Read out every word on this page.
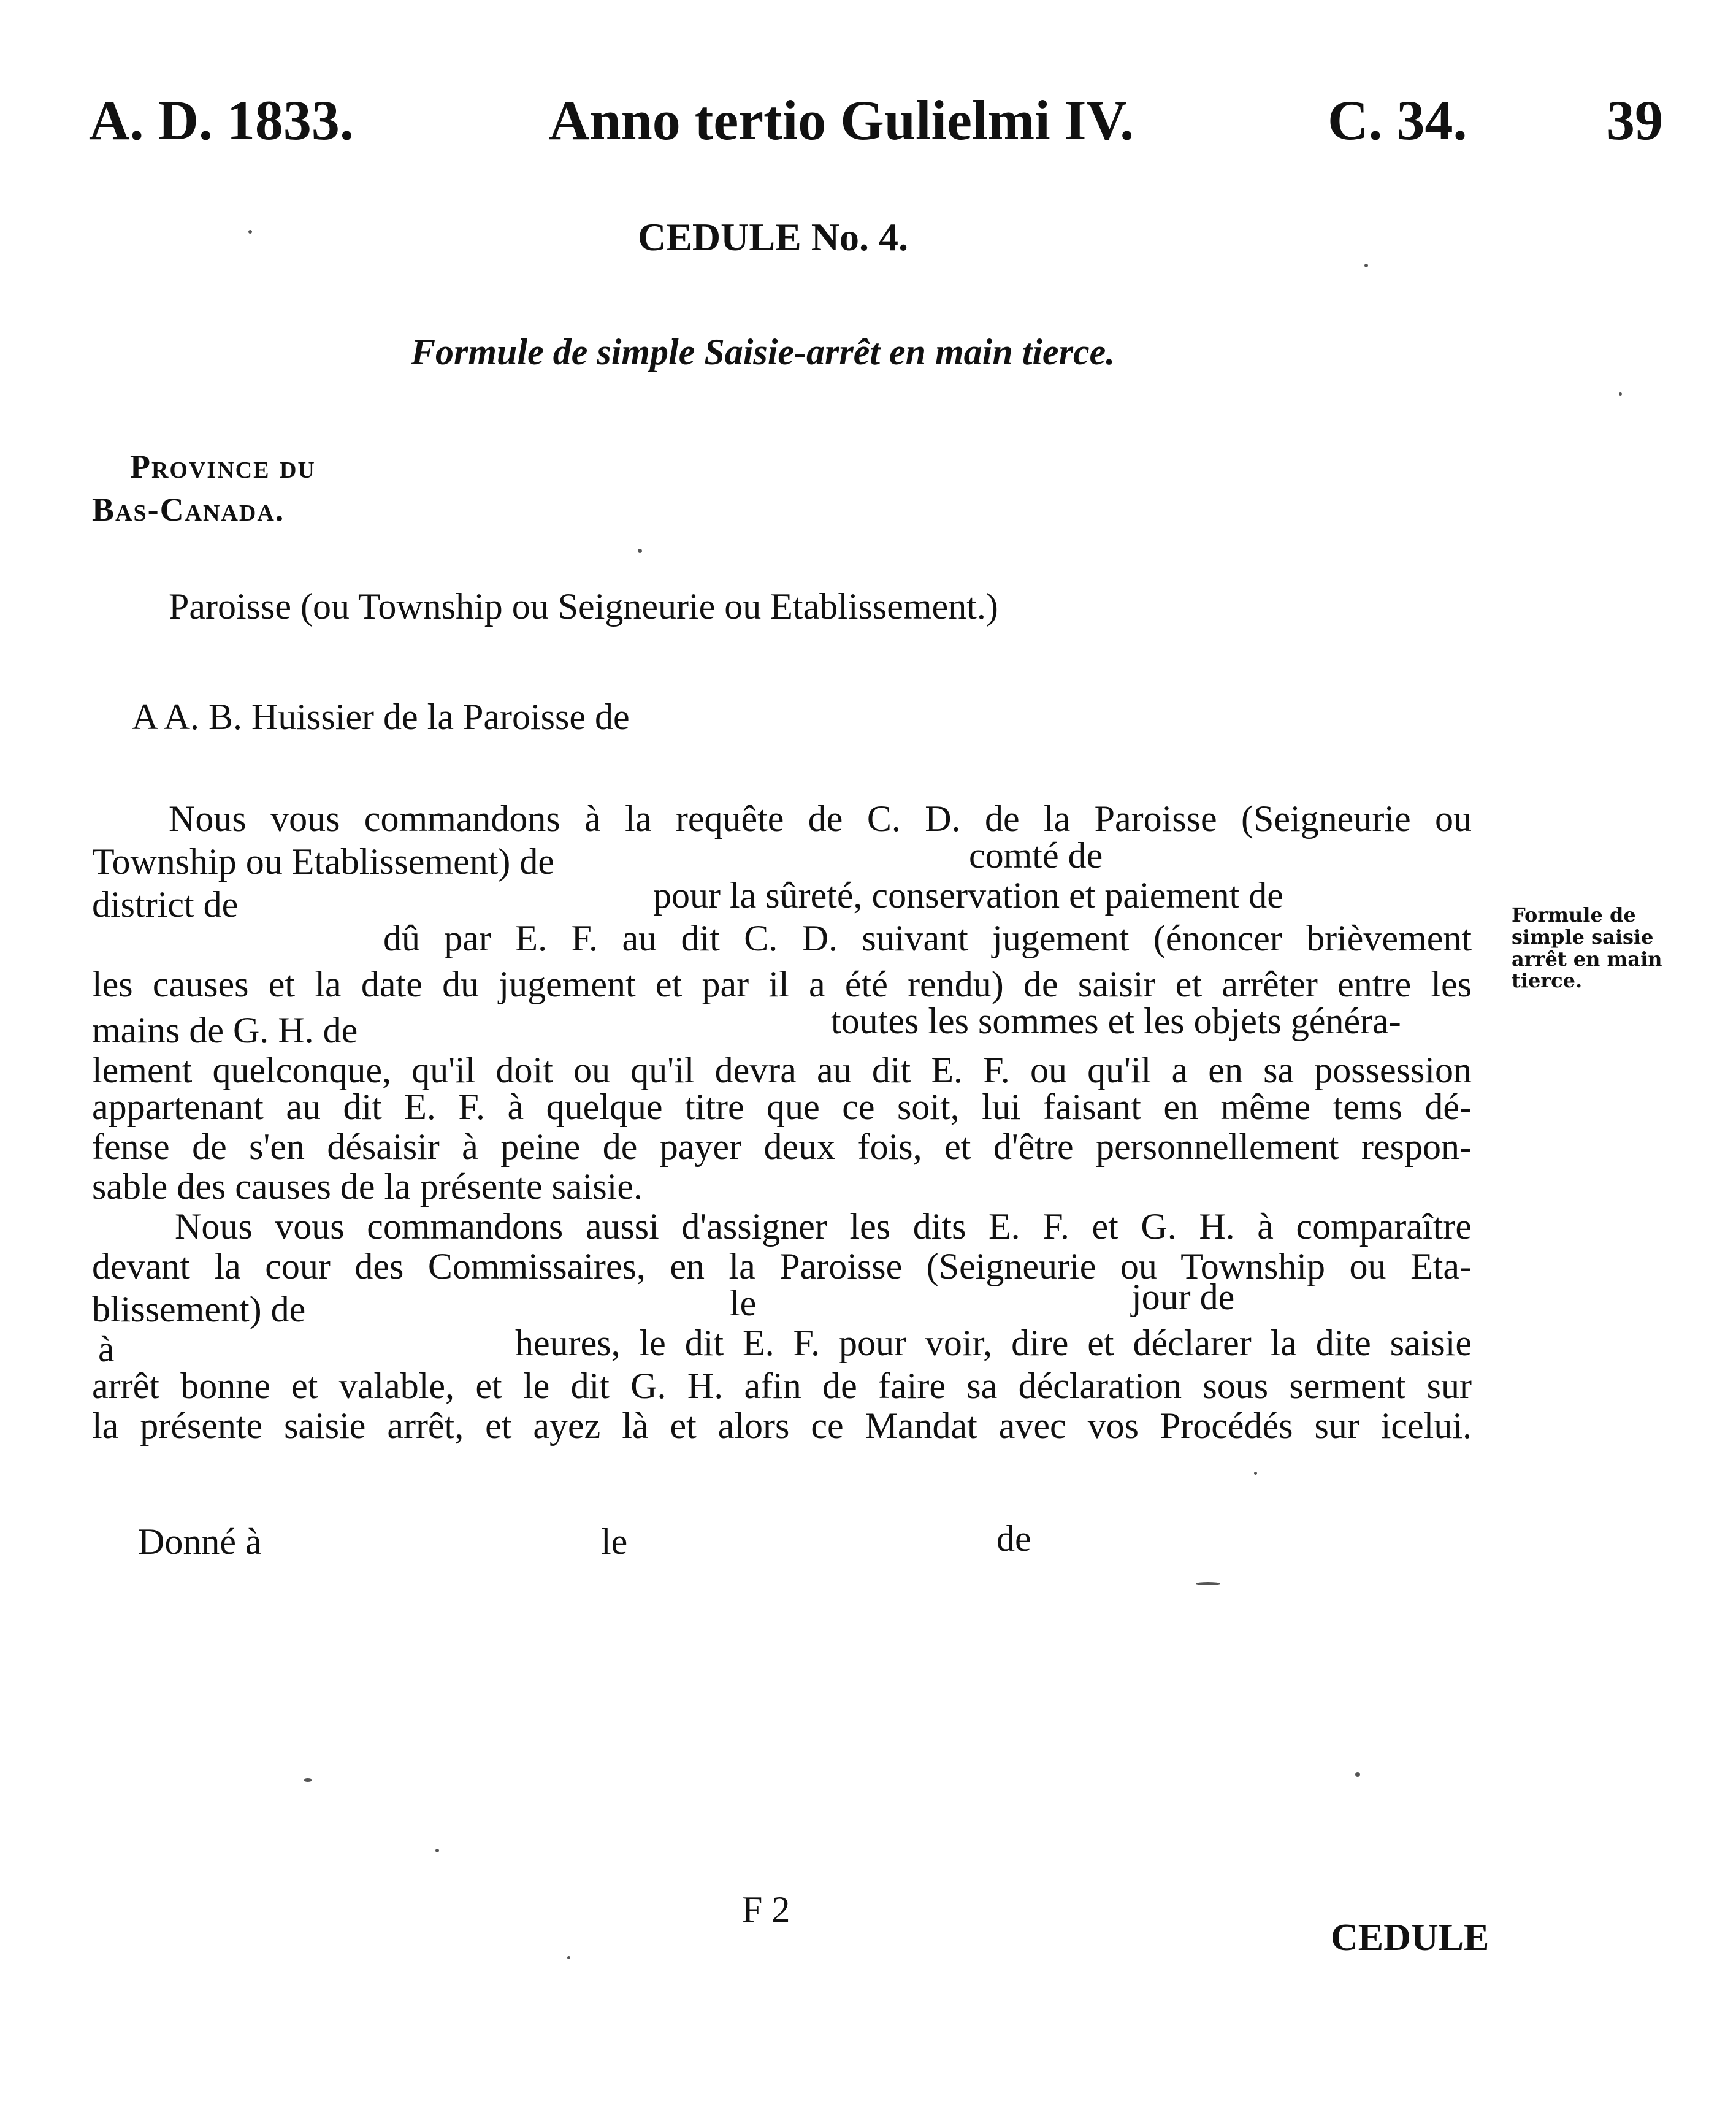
A. D. 1833.	Anno tertio Gulielmi IV.	C. 34. 39
CEDULE No. 4.
Formule de simple Saisie-arrêt en main tierce.
Province du
Bas-Canada.
Paroisse (ou Township ou Seigneurie ou Etablissement.)
A A. B. Huissier de la Paroisse de
Nous vous commandons à la requête de C. D. de la Paroisse (Seigneurie ou
Township ou Etablissement) de	comté de
district de	pour la sûreté, conservation et paiement de
dû par E. F. au dit C. D. suivant jugement (énoncer brièvement
les causes et la date du jugement et par il a été rendu) de saisir et arrêter entre les
mains de G. H. de	toutes les sommes et les objets généra-
lement quelconque, qu'il doit ou qu'il devra au dit E. F. ou qu'il a en sa possession
appartenant au dit E. F. à quelque titre que ce soit, lui faisant en même tems dé-
fense de s'en désaisir à peine de payer deux fois, et d'être personnellement respon-
sable des causes de la présente saisie.
Formule de simple saisie arrêt en main tierce.
Nous vous commandons aussi d'assigner les dits E. F. et G. H. à comparaître
devant la cour des Commissaires, en la Paroisse (Seigneurie ou Township ou Eta-
blissement) de	le	jour de
à	heures, le dit E. F. pour voir, dire et déclarer la dite saisie
arrêt bonne et valable, et le dit G. H. afin de faire sa déclaration sous serment sur
la présente saisie arrêt, et ayez là et alors ce Mandat avec vos Procédés sur icelui.
Donné à	le	de
F 2
CEDULE
